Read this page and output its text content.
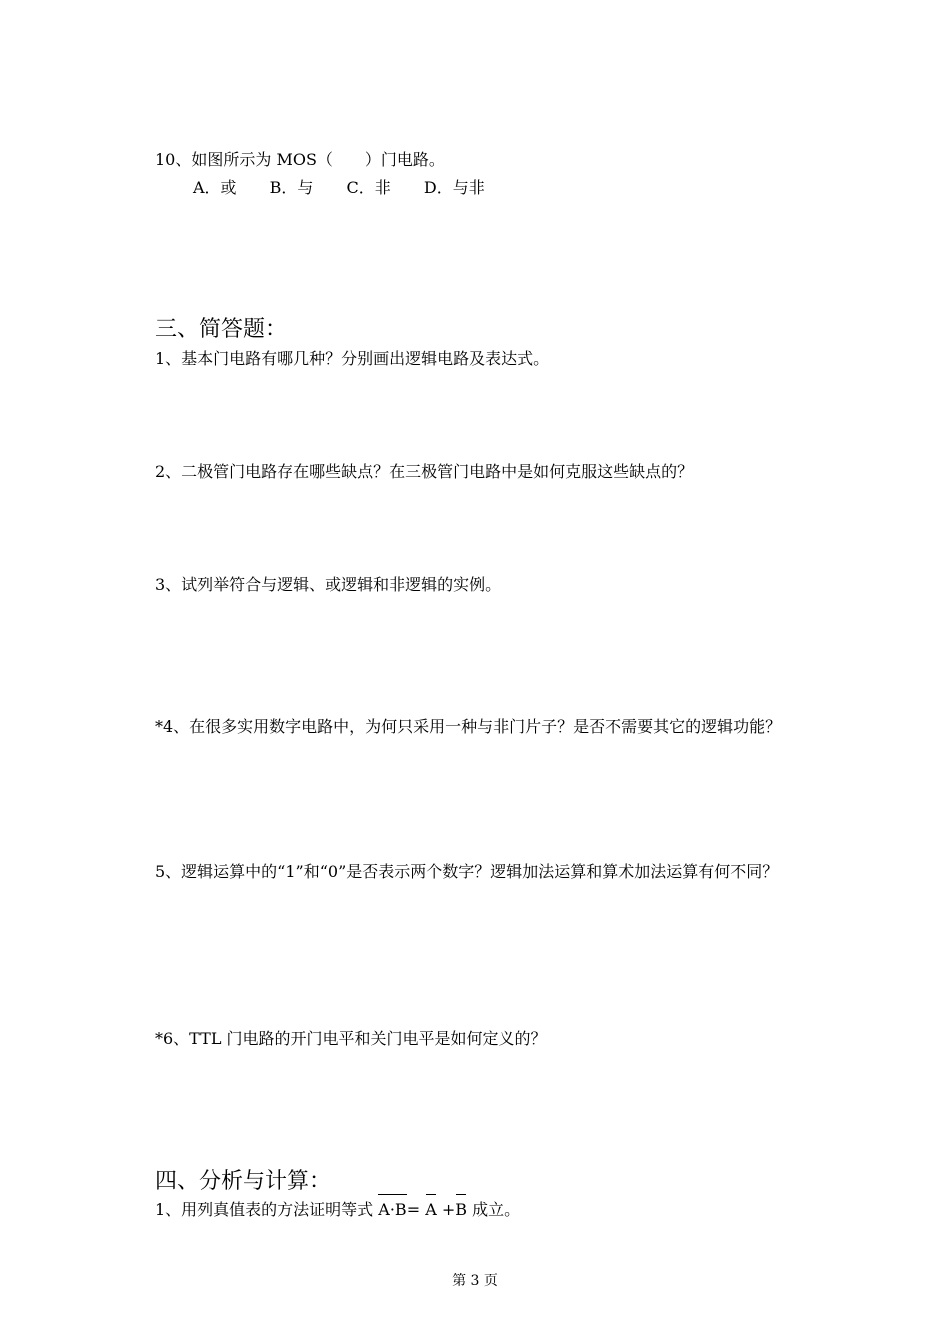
10、如图所示为 MOS（　　）门电路。
A．或 B．与 C．非 D．与非
三、简答题：
1、基本门电路有哪几种？分别画出逻辑电路及表达式。
2、二极管门电路存在哪些缺点？在三极管门电路中是如何克服这些缺点的？
3、试列举符合与逻辑、或逻辑和非逻辑的实例。
*4、在很多实用数字电路中，为何只采用一种与非门片子？是否不需要其它的逻辑功能？
5、逻辑运算中的“1”和“0”是否表示两个数字？逻辑加法运算和算术加法运算有何不同？
*6、TTL 门电路的开门电平和关门电平是如何定义的？
四、分析与计算：
1、用列真值表的方法证明等式
A·B=
A +
B 成立。
第 3 页
